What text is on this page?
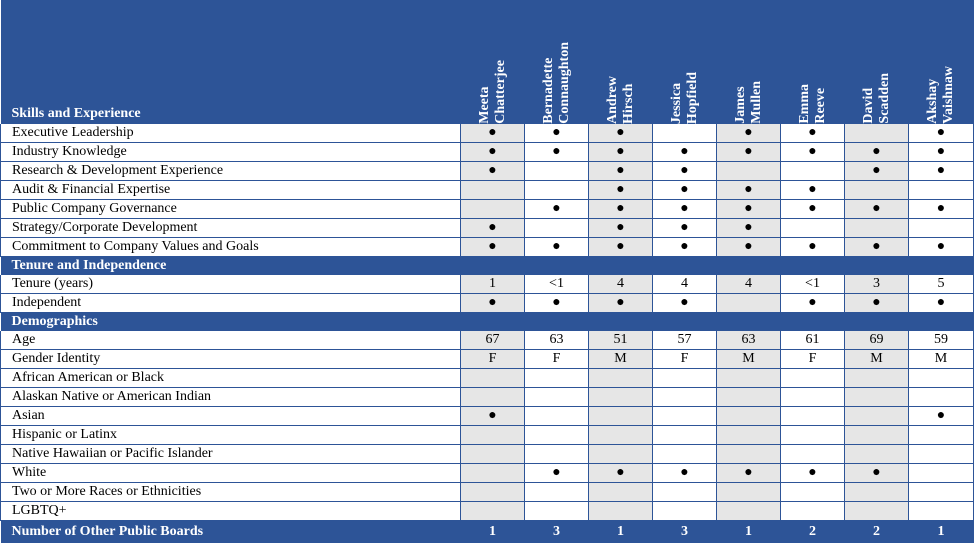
Skills and Experience	Meeta Chatterjee	Bernadette Connaughton	Andrew Hirsch	Jessica Hopfield	James Mullen	Emma Reeve	David Scadden	Akshay Vaishnaw

Executive Leadership	●	●	●		●	●		●
Industry Knowledge	●	●	●	●	●	●	●	●
Research & Development Experience	●		●	●			●	●
Audit & Financial Expertise			●	●	●	●		
Public Company Governance		●	●	●	●	●	●	●
Strategy/Corporate Development	●		●	●	●			
Commitment to Company Values and Goals	●	●	●	●	●	●	●	●
Tenure and Independence								
Tenure (years)	1	<1	4	4	4	<1	3	5
Independent	●	●	●	●		●	●	●
Demographics								
Age	67	63	51	57	63	61	69	59
Gender Identity	F	F	M	F	M	F	M	M
African American or Black								
Alaskan Native or American Indian								
Asian	●							●
Hispanic or Latinx								
Native Hawaiian or Pacific Islander								
White		●	●	●	●	●	●	
Two or More Races or Ethnicities								
LGBTQ+								
Number of Other Public Boards	1	3	1	3	1	2	2	1
